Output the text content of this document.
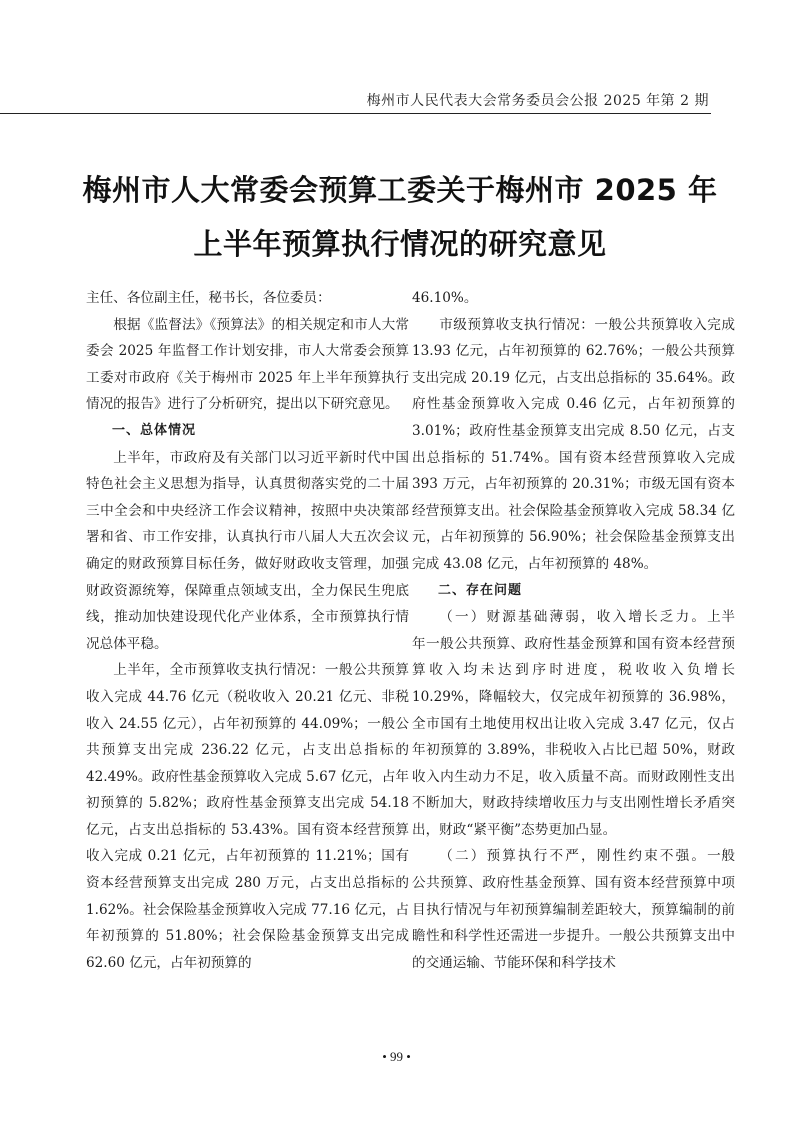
梅州市人民代表大会常务委员会公报 2025 年第 2 期
梅州市人大常委会预算工委关于梅州市 2025 年
上半年预算执行情况的研究意见

主任、各位副主任，秘书长，各位委员：

根据《监督法》《预算法》的相关规定和市人大常委会 2025 年监督工作计划安排，市人大常委会预算工委对市政府《关于梅州市 2025 年上半年预算执行情况的报告》进行了分析研究，提出以下研究意见。

一、总体情况

上半年，市政府及有关部门以习近平新时代中国特色社会主义思想为指导，认真贯彻落实党的二十届三中全会和中央经济工作会议精神，按照中央决策部署和省、市工作安排，认真执行市八届人大五次会议确定的财政预算目标任务，做好财政收支管理，加强财政资源统筹，保障重点领域支出，全力保民生兜底线，推动加快建设现代化产业体系，全市预算执行情况总体平稳。

上半年，全市预算收支执行情况：一般公共预算收入完成 44.76 亿元（税收收入 20.21 亿元、非税收入 24.55 亿元），占年初预算的 44.09%；一般公共预算支出完成 236.22 亿元，占支出总指标的 42.49%。政府性基金预算收入完成 5.67 亿元，占年初预算的 5.82%；政府性基金预算支出完成 54.18 亿元，占支出总指标的 53.43%。国有资本经营预算收入完成 0.21 亿元，占年初预算的 11.21%；国有资本经营预算支出完成 280 万元，占支出总指标的 1.62%。社会保险基金预算收入完成 77.16 亿元，占年初预算的 51.80%；社会保险基金预算支出完成 62.60 亿元，占年初预算的

46.10%。

市级预算收支执行情况：一般公共预算收入完成 13.93 亿元，占年初预算的 62.76%；一般公共预算支出完成 20.19 亿元，占支出总指标的 35.64%。政府性基金预算收入完成 0.46 亿元，占年初预算的 3.01%；政府性基金预算支出完成 8.50 亿元，占支出总指标的 51.74%。国有资本经营预算收入完成 393 万元，占年初预算的 20.31%；市级无国有资本经营预算支出。社会保险基金预算收入完成 58.34 亿元，占年初预算的 56.90%；社会保险基金预算支出完成 43.08 亿元，占年初预算的 48%。

二、存在问题

（一）财源基础薄弱，收入增长乏力。上半年一般公共预算、政府性基金预算和国有资本经营预算收入均未达到序时进度，税收收入负增长 10.29%，降幅较大，仅完成年初预算的 36.98%，全市国有土地使用权出让收入完成 3.47 亿元，仅占年初预算的 3.89%，非税收入占比已超 50%，财政收入内生动力不足，收入质量不高。而财政刚性支出不断加大，财政持续增收压力与支出刚性增长矛盾突出，财政“紧平衡”态势更加凸显。

（二）预算执行不严，刚性约束不强。一般公共预算、政府性基金预算、国有资本经营预算中项目执行情况与年初预算编制差距较大，预算编制的前瞻性和科学性还需进一步提升。一般公共预算支出中的交通运输、节能环保和科学技术

• 99 •
